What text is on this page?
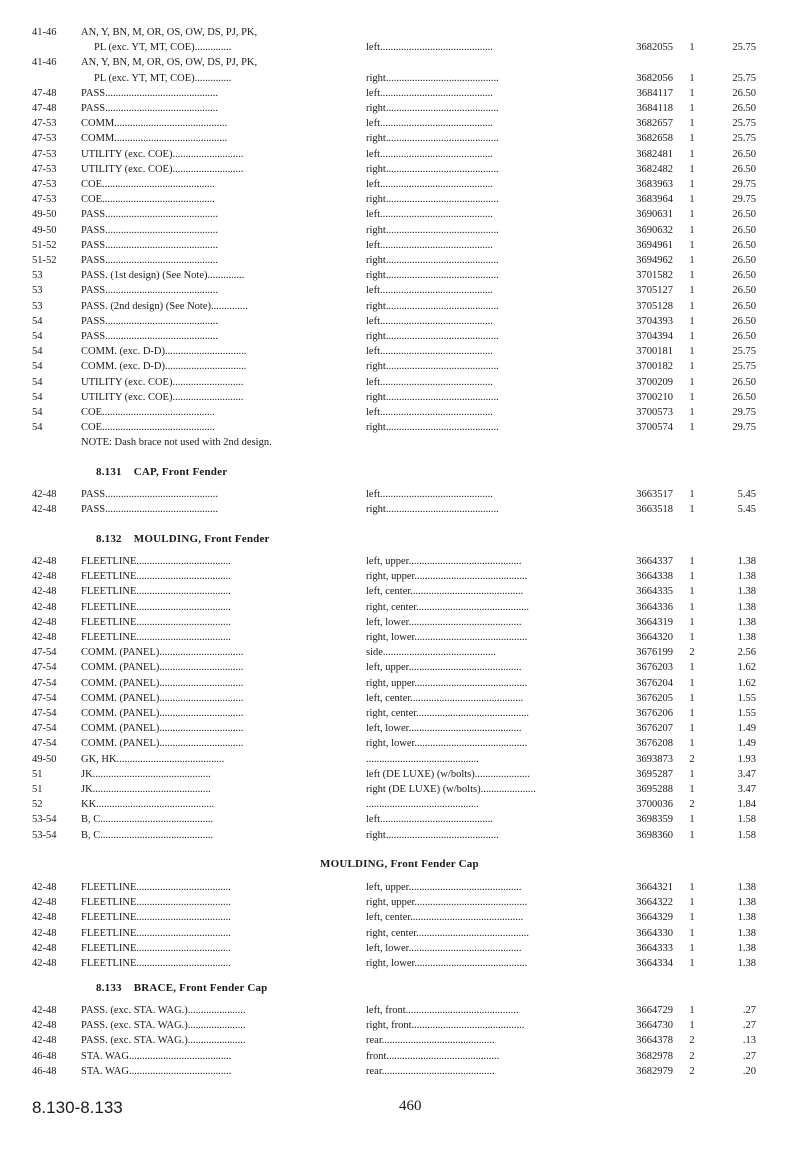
8.130-8.133	460
41-46	AN, Y, BN, M, OR, OS, OW, DS, PJ, PK,
PL (exc. YT, MT, COE)..............	left...........................................	3682055	1	25.75
41-46	AN, Y, BN, M, OR, OS, OW, DS, PJ, PK,
PL (exc. YT, MT, COE)..............	right...........................................	3682056	1	25.75
47-48	PASS...........................................	left...........................................	3684117	1	26.50
47-48	PASS...........................................	right...........................................	3684118	1	26.50
47-53	COMM...........................................	left...........................................	3682657	1	25.75
47-53	COMM...........................................	right...........................................	3682658	1	25.75
47-53	UTILITY (exc. COE)...........................	left...........................................	3682481	1	26.50
47-53	UTILITY (exc. COE)...........................	right...........................................	3682482	1	26.50
47-53	COE...........................................	left...........................................	3683963	1	29.75
47-53	COE...........................................	right...........................................	3683964	1	29.75
49-50	PASS...........................................	left...........................................	3690631	1	26.50
49-50	PASS...........................................	right...........................................	3690632	1	26.50
51-52	PASS...........................................	left...........................................	3694961	1	26.50
51-52	PASS...........................................	right...........................................	3694962	1	26.50
53	PASS. (1st design) (See Note)..............	right...........................................	3701582	1	26.50
53	PASS...........................................	left...........................................	3705127	1	26.50
53	PASS. (2nd design) (See Note)..............	right...........................................	3705128	1	26.50
54	PASS...........................................	left...........................................	3704393	1	26.50
54	PASS...........................................	right...........................................	3704394	1	26.50
54	COMM. (exc. D-D)...............................	left...........................................	3700181	1	25.75
54	COMM. (exc. D-D)...............................	right...........................................	3700182	1	25.75
54	UTILITY (exc. COE)...........................	left...........................................	3700209	1	26.50
54	UTILITY (exc. COE)...........................	right...........................................	3700210	1	26.50
54	COE...........................................	left...........................................	3700573	1	29.75
54	COE...........................................	right...........................................	3700574	1	29.75
NOTE: Dash brace not used with 2nd design.
8.131 CAP, Front Fender
42-48	PASS...........................................	left...........................................	3663517	1	5.45
42-48	PASS...........................................	right...........................................	3663518	1	5.45
8.132 MOULDING, Front Fender
42-48	FLEETLINE....................................	left, upper...........................................	3664337	1	1.38
42-48	FLEETLINE....................................	right, upper...........................................	3664338	1	1.38
42-48	FLEETLINE....................................	left, center...........................................	3664335	1	1.38
42-48	FLEETLINE....................................	right, center...........................................	3664336	1	1.38
42-48	FLEETLINE....................................	left, lower...........................................	3664319	1	1.38
42-48	FLEETLINE....................................	right, lower...........................................	3664320	1	1.38
47-54	COMM. (PANEL)................................	side...........................................	3676199	2	2.56
47-54	COMM. (PANEL)................................	left, upper...........................................	3676203	1	1.62
47-54	COMM. (PANEL)................................	right, upper...........................................	3676204	1	1.62
47-54	COMM. (PANEL)................................	left, center...........................................	3676205	1	1.55
47-54	COMM. (PANEL)................................	right, center...........................................	3676206	1	1.55
47-54	COMM. (PANEL)................................	left, lower...........................................	3676207	1	1.49
47-54	COMM. (PANEL)................................	right, lower...........................................	3676208	1	1.49
49-50	GK, HK.........................................	...........................................	3693873	2	1.93
51	JK.............................................	left (DE LUXE) (w/bolts).....................	3695287	1	3.47
51	JK.............................................	right (DE LUXE) (w/bolts).....................	3695288	1	3.47
52	KK.............................................	...........................................	3700036	2	1.84
53-54	B, C...........................................	left...........................................	3698359	1	1.58
53-54	B, C...........................................	right...........................................	3698360	1	1.58
MOULDING, Front Fender Cap
42-48	FLEETLINE....................................	left, upper...........................................	3664321	1	1.38
42-48	FLEETLINE....................................	right, upper...........................................	3664322	1	1.38
42-48	FLEETLINE....................................	left, center...........................................	3664329	1	1.38
42-48	FLEETLINE....................................	right, center...........................................	3664330	1	1.38
42-48	FLEETLINE....................................	left, lower...........................................	3664333	1	1.38
42-48	FLEETLINE....................................	right, lower...........................................	3664334	1	1.38
8.133 BRACE, Front Fender Cap
42-48	PASS. (exc. STA. WAG.)......................	left, front...........................................	3664729	1	.27
42-48	PASS. (exc. STA. WAG.)......................	right, front...........................................	3664730	1	.27
42-48	PASS. (exc. STA. WAG.)......................	rear...........................................	3664378	2	.13
46-48	STA. WAG.......................................	front...........................................	3682978	2	.27
46-48	STA. WAG.......................................	rear...........................................	3682979	2	.20
